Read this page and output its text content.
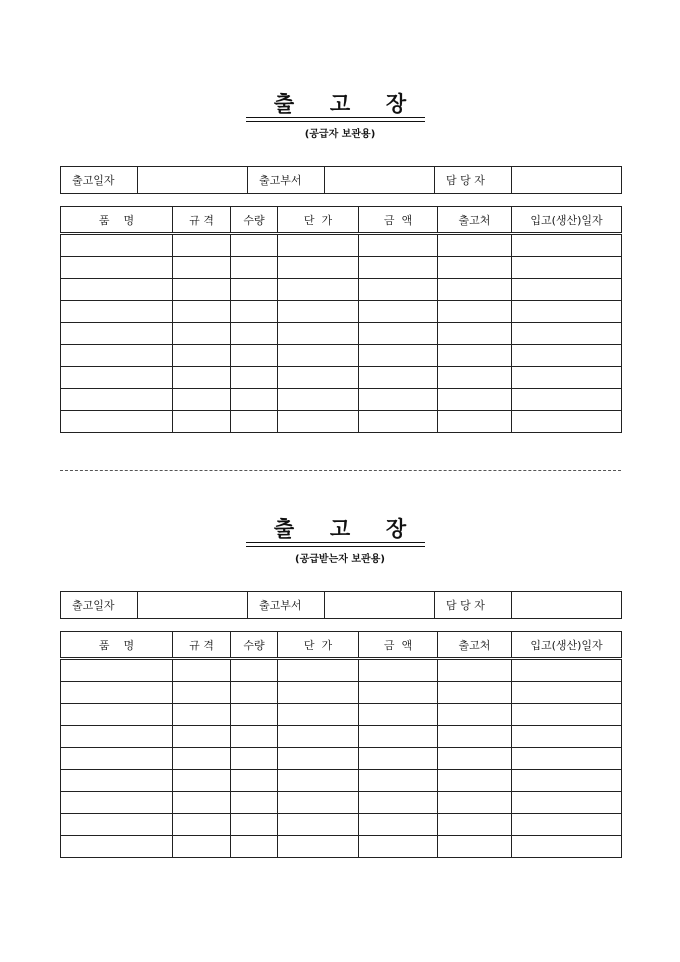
출 고 장
(공급자 보관용)
출고일자		출고부서		담 당 자	
품    명	규 격	수량	단  가	금  액	출고처	입고(생산)일자

출 고 장
(공급받는자 보관용)
출고일자		출고부서		담 당 자	
품    명	규 격	수량	단  가	금  액	출고처	입고(생산)일자
